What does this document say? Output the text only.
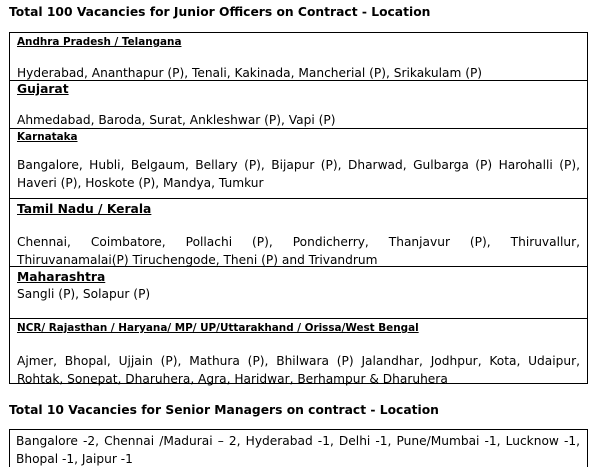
Total 100 Vacancies for Junior Officers on Contract - Location
Andhra Pradesh / Telangana
Hyderabad, Ananthapur (P), Tenali, Kakinada, Mancherial (P), Srikakulam (P)
Gujarat
Ahmedabad, Baroda, Surat, Ankleshwar (P), Vapi (P)
Karnataka
Bangalore, Hubli, Belgaum, Bellary (P), Bijapur (P), Dharwad, Gulbarga (P) Harohalli (P), Haveri (P), Hoskote (P), Mandya, Tumkur
Tamil Nadu / Kerala
Chennai, Coimbatore, Pollachi (P), Pondicherry, Thanjavur (P), Thiruvallur, Thiruvanamalai(P) Tiruchengode, Theni (P) and Trivandrum
Maharashtra
Sangli (P), Solapur (P)
NCR/ Rajasthan / Haryana/ MP/ UP/Uttarakhand / Orissa/West Bengal
Ajmer, Bhopal, Ujjain (P), Mathura (P), Bhilwara (P) Jalandhar, Jodhpur, Kota, Udaipur, Rohtak, Sonepat, Dharuhera, Agra, Haridwar, Berhampur & Dharuhera
Total 10 Vacancies for Senior Managers on contract - Location
Bangalore -2, Chennai /Madurai – 2, Hyderabad -1, Delhi -1, Pune/Mumbai -1, Lucknow -1, Bhopal -1, Jaipur -1
